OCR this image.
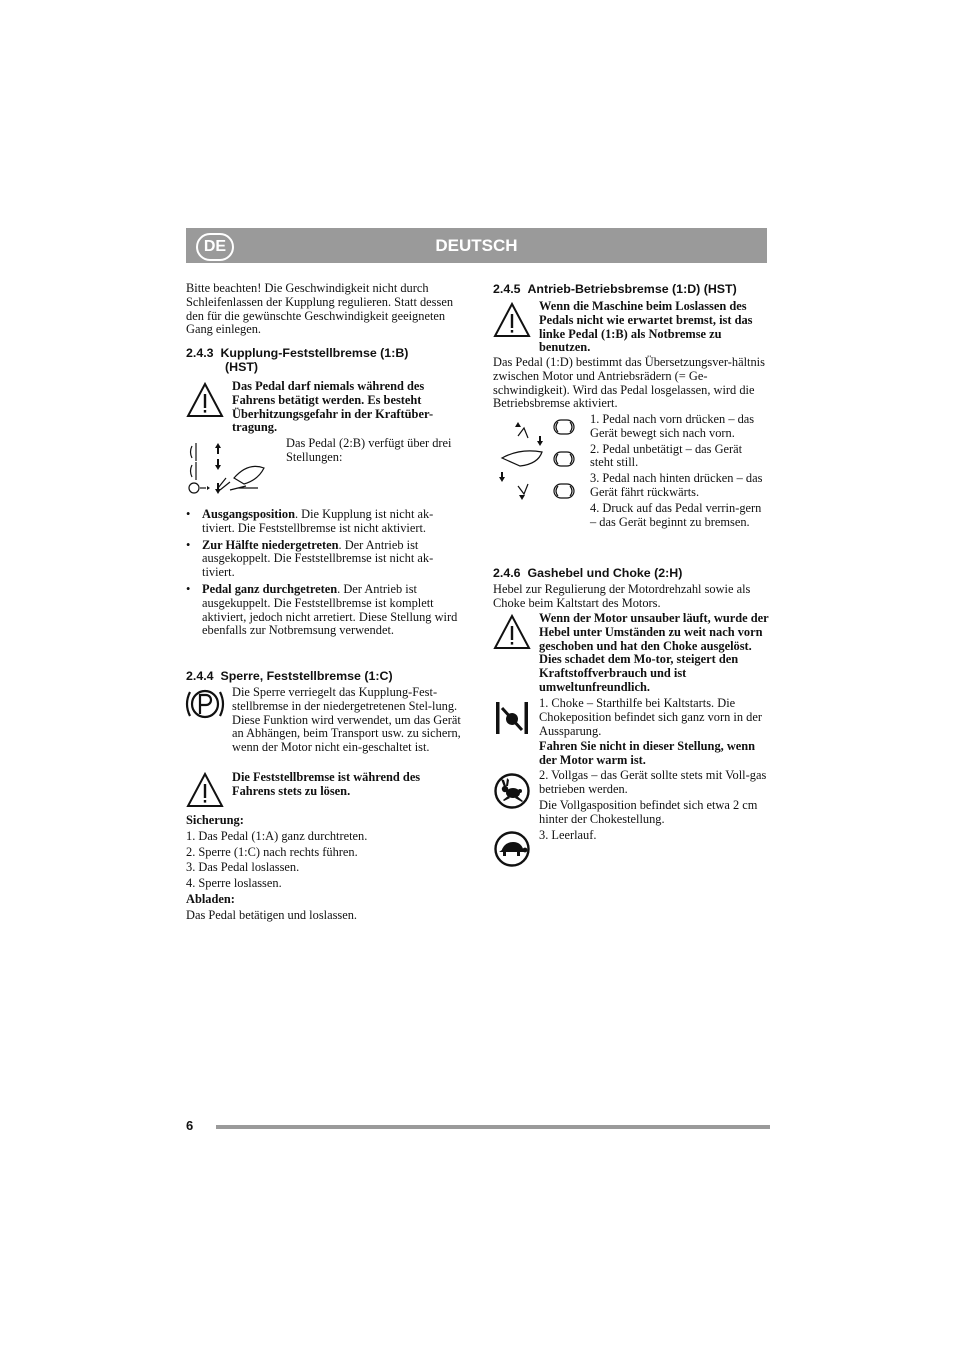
DE	DEUTSCH

Bitte beachten! Die Geschwindigkeit nicht durch Schleifenlassen der Kupplung regulieren. Statt dessen den für die gewünschte Geschwindigkeit geeigneten Gang einlegen.

2.4.3 Kupplung-Feststellbremse (1:B)
(HST)

Das Pedal darf niemals während des Fahrens betätigt werden. Es besteht Überhitzungsgefahr in der Kraftüber-tragung.

Das Pedal (2:B) verfügt über drei Stellungen:

• Ausgangsposition. Die Kupplung ist nicht ak-tiviert. Die Feststellbremse ist nicht aktiviert.
• Zur Hälfte niedergetreten. Der Antrieb ist ausgekoppelt. Die Feststellbremse ist nicht ak-tiviert.
• Pedal ganz durchgetreten. Der Antrieb ist ausgekuppelt. Die Feststellbremse ist komplett aktiviert, jedoch nicht arretiert. Diese Stellung wird ebenfalls zur Notbremsung verwendet.
2.4.4 Sperre, Feststellbremse (1:C)

Die Sperre verriegelt das Kupplung-Fest-stellbremse in der niedergetretenen Stel-lung. Diese Funktion wird verwendet, um das Gerät an Abhängen, beim Transport usw. zu sichern, wenn der Motor nicht ein-geschaltet ist.

Die Feststellbremse ist während des Fahrens stets zu lösen.

Sicherung:

1. Das Pedal (1:A) ganz durchtreten.
2. Sperre (1:C) nach rechts führen.
3. Das Pedal loslassen.
4. Sperre loslassen.

Abladen:

Das Pedal betätigen und loslassen.

2.4.5 Antrieb-Betriebsbremse (1:D) (HST)

Wenn die Maschine beim Loslassen des Pedals nicht wie erwartet bremst, ist das linke Pedal (1:B) als Notbremse zu benutzen.

Das Pedal (1:D) bestimmt das Übersetzungsver-hältnis zwischen Motor und Antriebsrädern (= Ge-schwindigkeit). Wird das Pedal losgelassen, wird die Betriebsbremse aktiviert.

1. Pedal nach vorn drücken – das Gerät bewegt sich nach vorn.

2. Pedal unbetätigt – das Gerät steht still.

3. Pedal nach hinten drücken – das Gerät fährt rückwärts.

4. Druck auf das Pedal verrin-gern – das Gerät beginnt zu bremsen.

2.4.6 Gashebel und Choke (2:H)

Hebel zur Regulierung der Motordrehzahl sowie als Choke beim Kaltstart des Motors.

Wenn der Motor unsauber läuft, wurde der Hebel unter Umständen zu weit nach vorn geschoben und hat den Choke ausgelöst. Dies schadet dem Mo-tor, steigert den Kraftstoffverbrauch und ist umweltunfreundlich.

1. Choke – Starthilfe bei Kaltstarts. Die Chokeposition befindet sich ganz vorn in der Aussparung.

Fahren Sie nicht in dieser Stellung, wenn der Motor warm ist.

2. Vollgas – das Gerät sollte stets mit Voll-gas betrieben werden.

Die Vollgasposition befindet sich etwa 2 cm hinter der Chokestellung.

3. Leerlauf.

6
